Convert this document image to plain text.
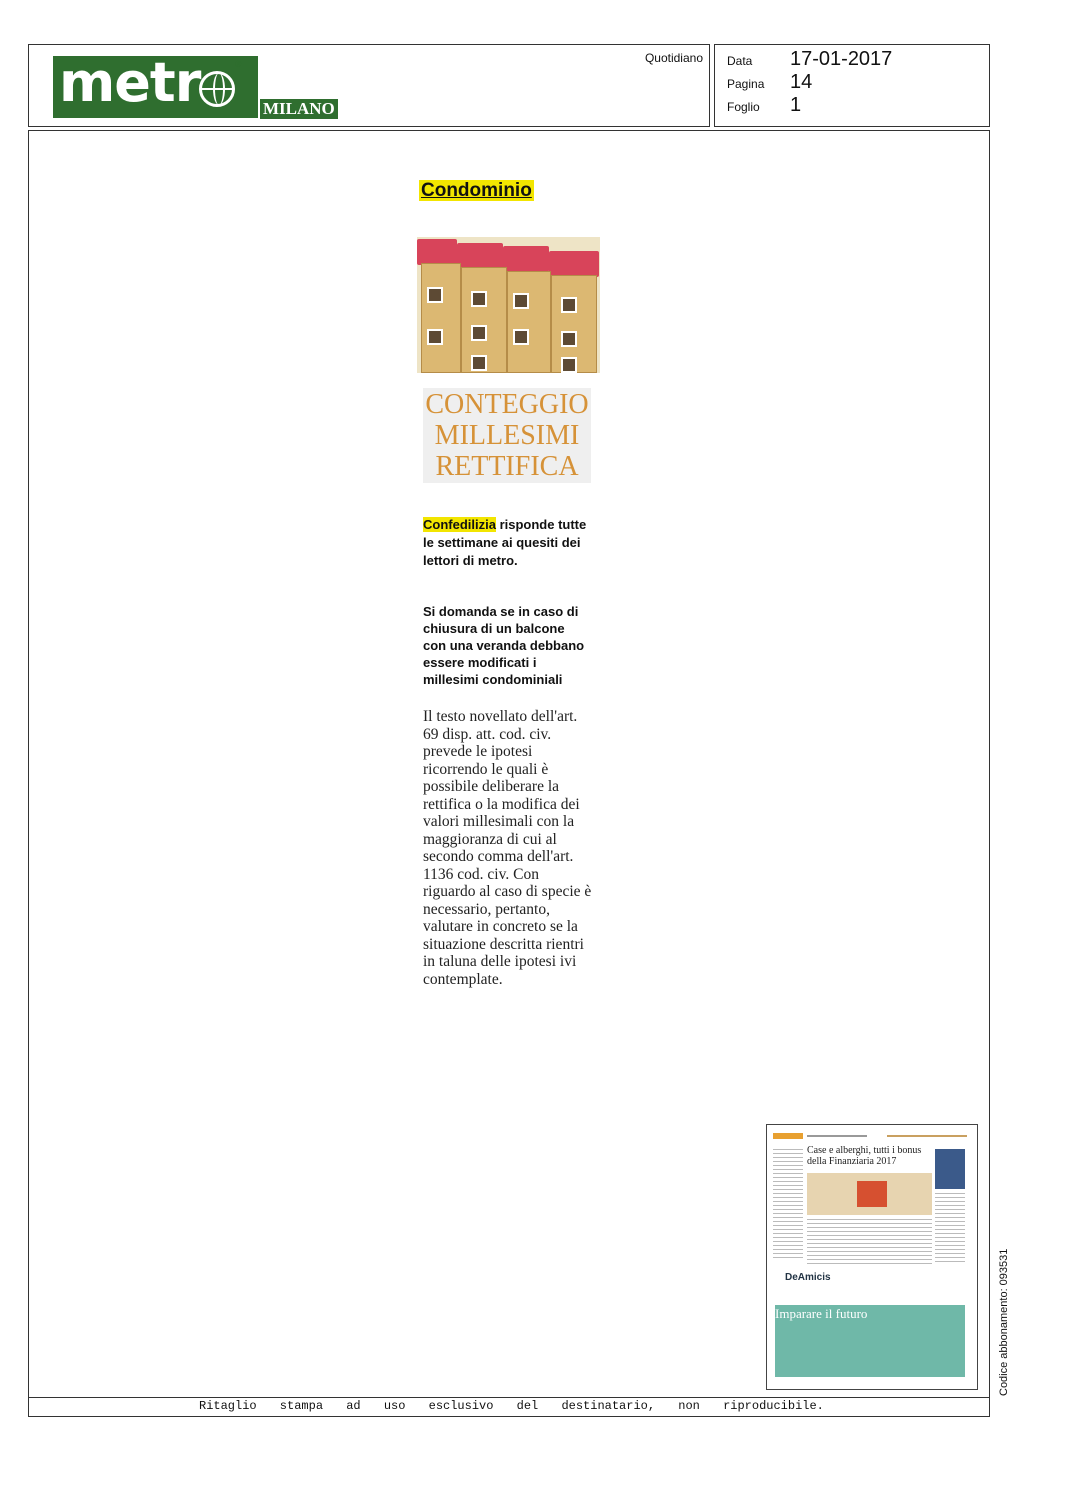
metr	®
MILANO
Quotidiano Data 17-01-2017
Pagina 14
Foglio 1
Condominio
CONTEGGIO
MILLESIMI
RETTIFICA
Confedilizia risponde tutte le settimane ai quesiti dei lettori di metro.
Si domanda se in caso di chiusura di un balcone con una veranda debbano essere modificati i millesimi condominiali
Il testo novellato dell'art. 69 disp. att. cod. civ. prevede le ipotesi ricorrendo le quali è possibile deliberare la rettifica o la modifica dei valori millesimali con la maggioranza di cui al secondo comma dell'art. 1136 cod. civ. Con riguardo al caso di specie è necessario, pertanto, valutare in concreto se la situazione descritta rientri in taluna delle ipotesi ivi contemplate.
Case e alberghi, tutti i bonus della Finanziaria 2017
DeAmicis
Imparare il futuro
Ritaglio stampa ad uso esclusivo del destinatario, non riproducibile.
Codice abbonamento: 093531
